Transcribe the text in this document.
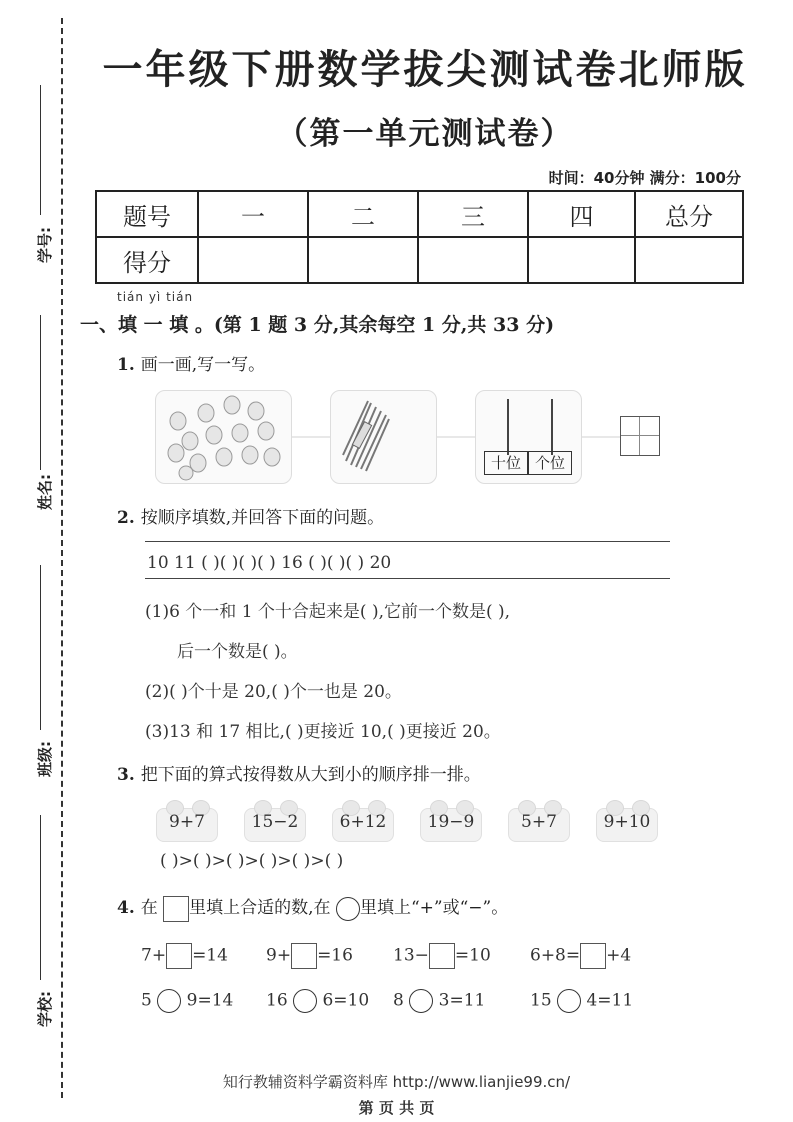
学号:
姓名:
班级:
学校:
一年级下册数学拔尖测试卷北师版
（第一单元测试卷）
时间：40分钟 满分：100分
题号	一	二	三	四	总分
得分					
tián yì tián
一、填 一 填 。(第 1 题 3 分,其余每空 1 分,共 33 分)
1. 画一画,写一写。
十位 个位
2. 按顺序填数,并回答下面的问题。
10 11 ( )( )( )( ) 16 ( )( )( ) 20
(1)6 个一和 1 个十合起来是( ),它前一个数是( ),
后一个数是( )。
(2)( )个十是 20,( )个一也是 20。
(3)13 和 17 相比,( )更接近 10,( )更接近 20。
3. 把下面的算式按得数从大到小的顺序排一排。
9+7	15−2	6+12	19−9	5+7	9+10
( )>( )>( )>( )>( )>( )
4. 在 里填上合适的数,在 里填上“+”或“−”。
7+ =14 9+ =16 13− =10 6+8= +4
5 9=14 16 6=10 8 3=11	15 4=11
知行教辅资料学霸资料库 http://www.lianjie99.cn/
第 页 共 页
